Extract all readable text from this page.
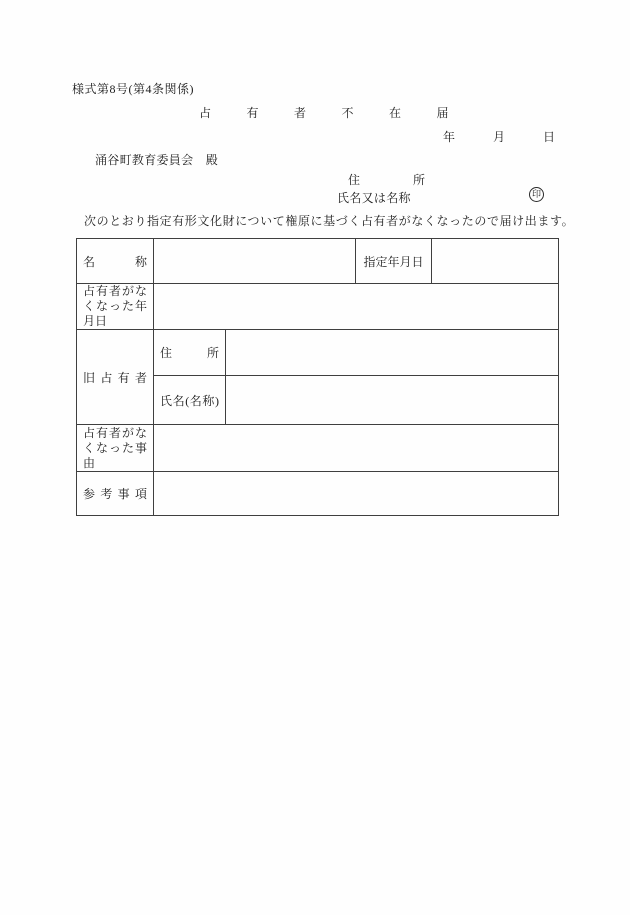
様式第8号(第4条関係)
占有者不在届
年	月	日
涌谷町教育委員会　殿
住所
氏名又は名称	印
次のとおり指定有形文化財について権原に基づく占有者がなくなったので届け出ます。
名称			指定年月日	
占有者がなくなった年月日				
旧占有者	住所			
	氏名(名称)			
占有者がなくなった事由				
参考事項				
